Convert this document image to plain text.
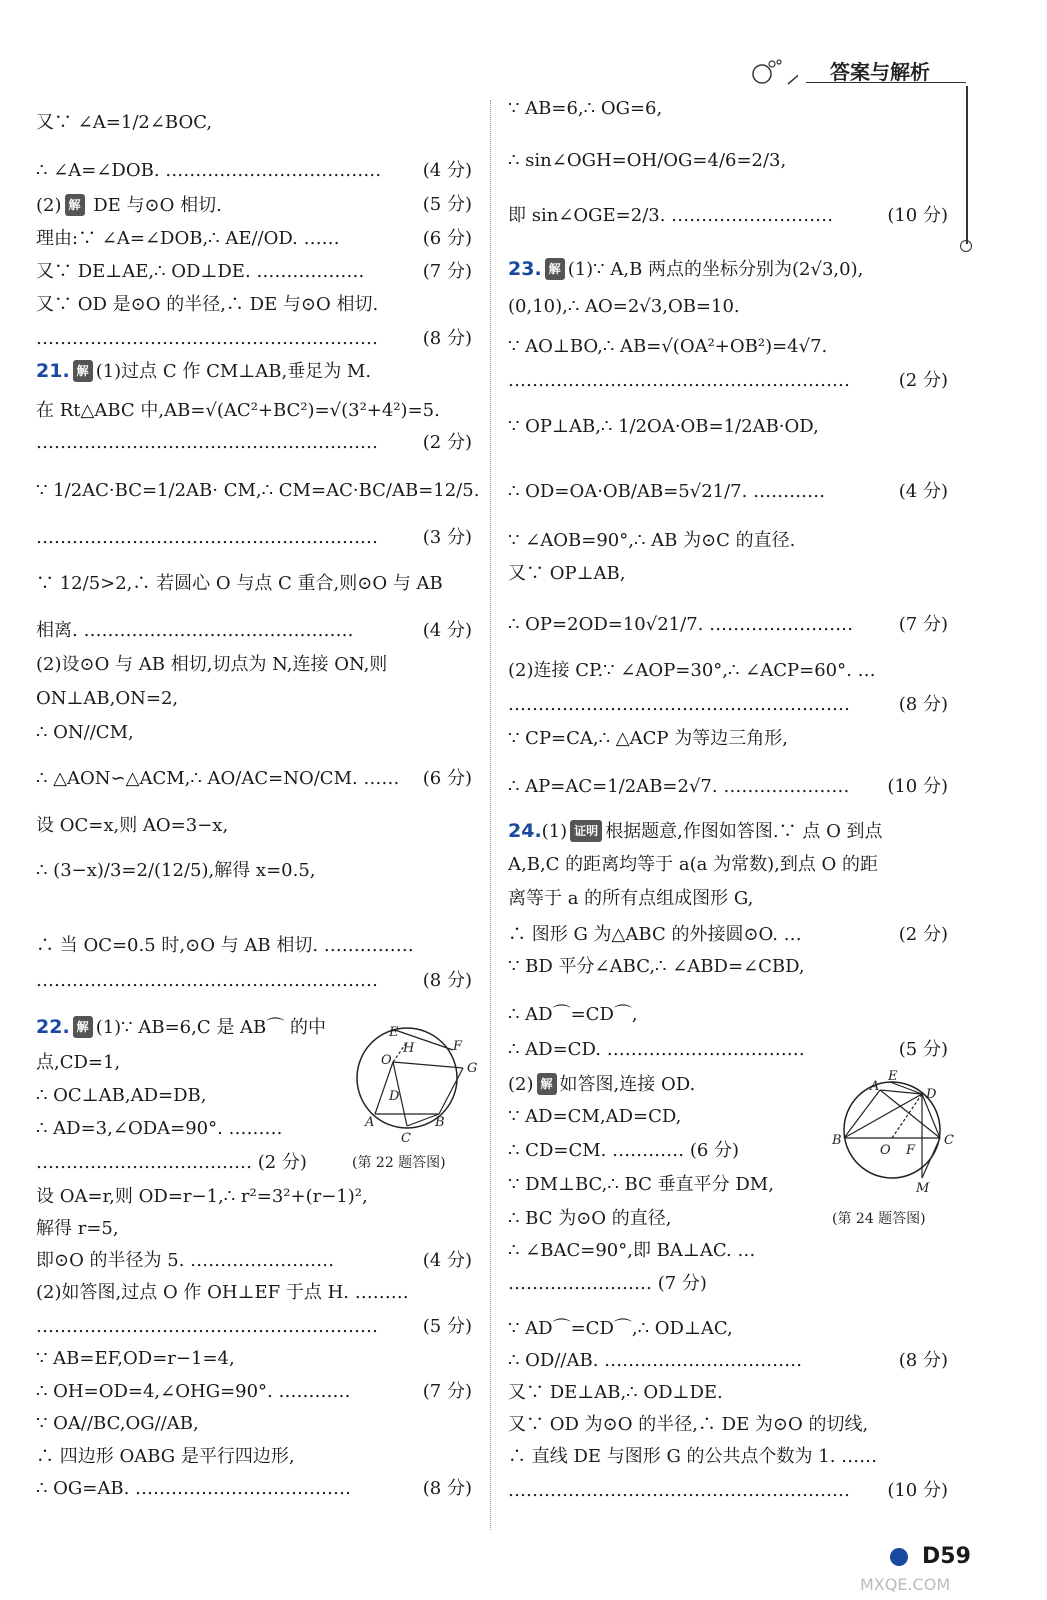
答案与解析
又∵ ∠A=1/2∠BOC,
∴ ∠A=∠DOB. ……………………………… (4 分)
(2) 解 DE 与⊙O 相切.	(5 分)
理由:∵ ∠A=∠DOB,∴ AE//OD. ……	(6 分)
又∵ DE⊥AE,∴ OD⊥DE. ………………	(7 分)
又∵ OD 是⊙O 的半径,∴ DE 与⊙O 相切.
………………………………………………… (8 分)
21. 解 (1)过点 C 作 CM⊥AB,垂足为 M.
在 Rt△ABC 中,AB=√(AC²+BC²)=√(3²+4²)=5.
………………………………………………… (2 分)
∵ 1/2AC·BC=1/2AB· CM,∴ CM=AC·BC/AB=12/5.
………………………………………………… (3 分)
∵ 12/5>2,∴ 若圆心 O 与点 C 重合,则⊙O 与 AB
相离. ………………………………………	(4 分)
(2)设⊙O 与 AB 相切,切点为 N,连接 ON,则
ON⊥AB,ON=2,
∴ ON//CM,
∴ △AON∽△ACM,∴ AO/AC=NO/CM. …… (6 分)
设 OC=x,则 AO=3−x,
∴ (3−x)/3=2/(12/5),解得 x=0.5,
∴ 当 OC=0.5 时,⊙O 与 AB 相切. ……………
………………………………………………… (8 分)
22. 解 (1)∵ AB=6,C 是 AB⌒ 的中
点,CD=1,
∴ OC⊥AB,AD=DB,
∴ AD=3,∠ODA=90°. ………
……………………………… (2 分)
设 OA=r,则 OD=r−1,∴ r²=3²+(r−1)²,
解得 r=5,
即⊙O 的半径为 5. ……………………	(4 分)
(2)如答图,过点 O 作 OH⊥EF 于点 H. ………
………………………………………………… (5 分)
∵ AB=EF,OD=r−1=4,
∴ OH=OD=4,∠OHG=90°. …………	(7 分)
∵ OA//BC,OG//AB,
∴ 四边形 OABG 是平行四边形,
∴ OG=AB. ………………………………	(8 分)
∵ AB=6,∴ OG=6,
∴ sin∠OGH=OH/OG=4/6=2/3,
即 sin∠OGE=2/3. ………………………	(10 分)
23. 解 (1)∵ A,B 两点的坐标分别为(2√3,0),
(0,10),∴ AO=2√3,OB=10.
∵ AO⊥BO,∴ AB=√(OA²+OB²)=4√7.
…………………………………………………	(2 分)
∵ OP⊥AB,∴ 1/2OA·OB=1/2AB·OD,
∴ OD=OA·OB/AB=5√21/7. …………	(4 分)
∵ ∠AOB=90°,∴ AB 为⊙C 的直径.
又∵ OP⊥AB,
∴ OP=2OD=10√21/7. ……………………	(7 分)
(2)连接 CP.∵ ∠AOP=30°,∴ ∠ACP=60°. …
…………………………………………………	(8 分)
∵ CP=CA,∴ △ACP 为等边三角形,
∴ AP=AC=1/2AB=2√7. ………………… (10 分)
24.(1) 证明 根据题意,作图如答图.∵ 点 O 到点
A,B,C 的距离均等于 a(a 为常数),到点 O 的距
离等于 a 的所有点组成图形 G,
∴ 图形 G 为△ABC 的外接圆⊙O. …	(2 分)
∵ BD 平分∠ABC,∴ ∠ABD=∠CBD,
∴ AD⌒=CD⌒,
∴ AD=CD. ……………………………	(5 分)
(2) 解 如答图,连接 OD.
∵ AD=CM,AD=CD,
∴ CD=CM. ………… (6 分)
∵ DM⊥BC,∴ BC 垂直平分 DM,
∴ BC 为⊙O 的直径,
∴ ∠BAC=90°,即 BA⊥AC. …
…………………… (7 分)
∵ AD⌒=CD⌒,∴ OD⊥AC,
∴ OD//AB. ……………………………	(8 分)
又∵ DE⊥AB,∴ OD⊥DE.
又∵ OD 为⊙O 的半径,∴ DE 为⊙O 的切线,
∴ 直线 DE 与图形 G 的公共点个数为 1. ……
………………………………………………… (10 分)
E
H	F
O
G
D
A	B
C
(第 22 题答图)
A
E
D
B
O F
C
M
(第 24 题答图)
D59
MXQE.COM
